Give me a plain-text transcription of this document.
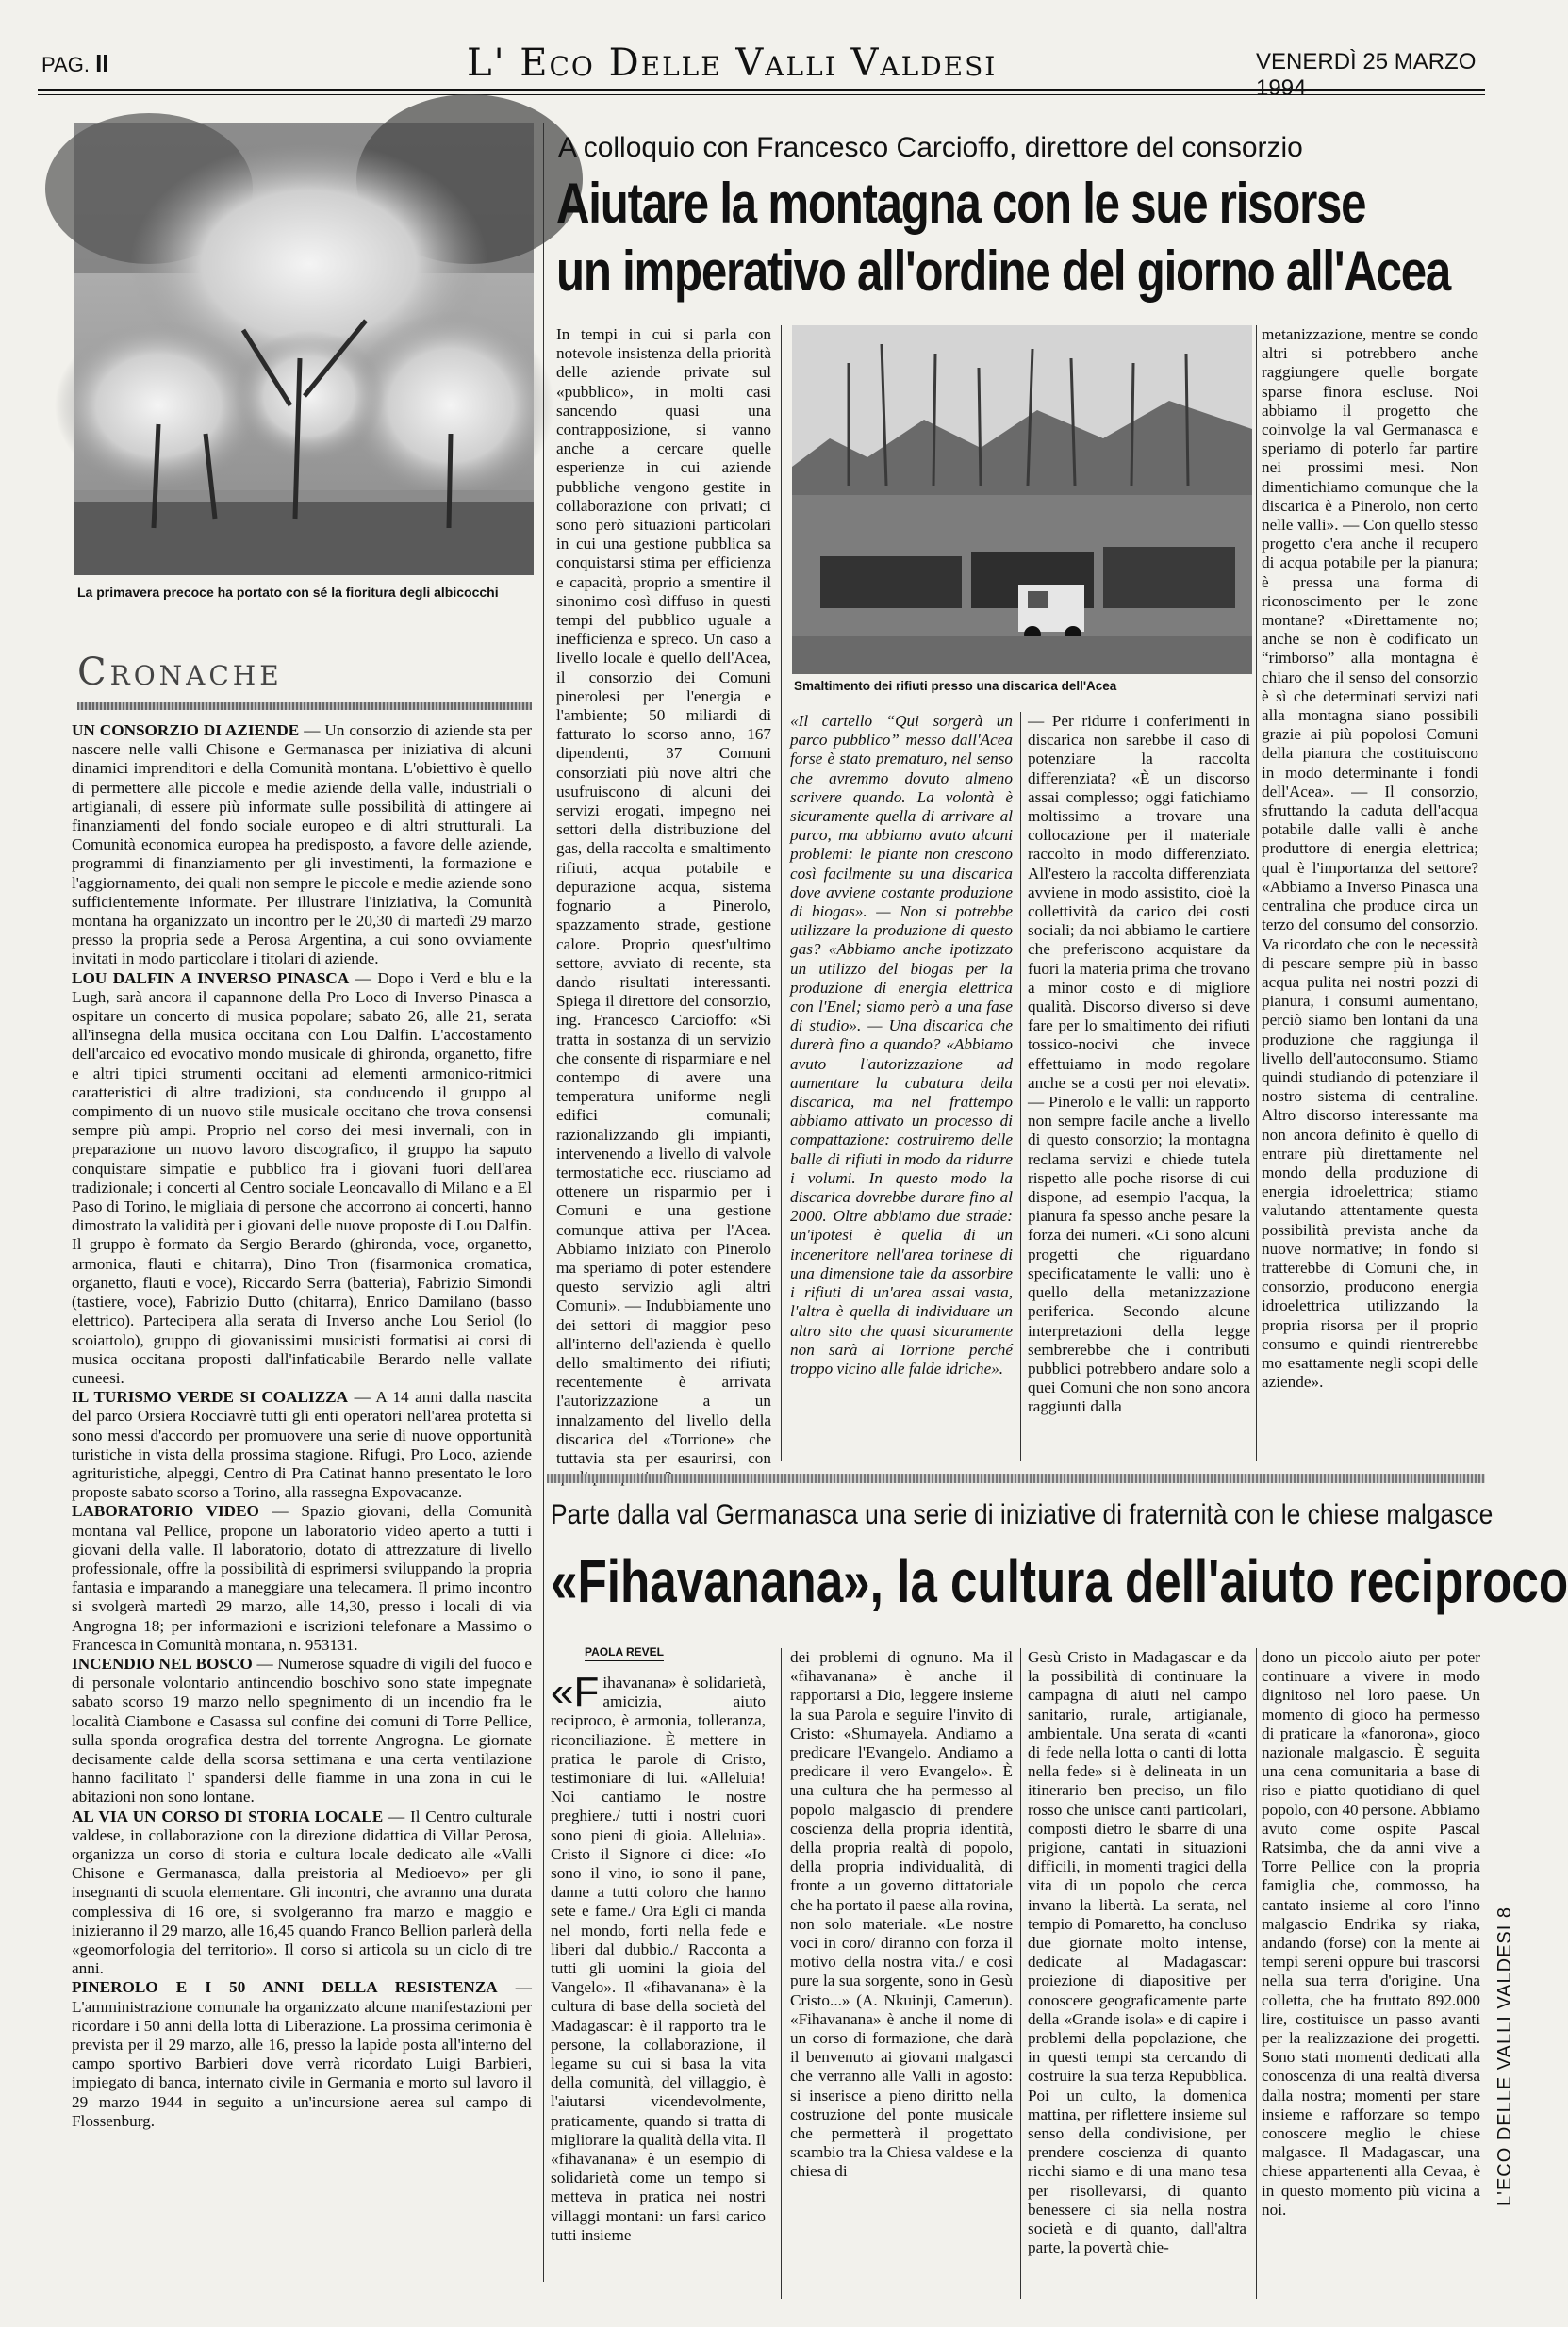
PAG. II	L' Eco Delle Valli Valdesi	VENERDÌ 25 MARZO 1994
La primavera precoce ha portato con sé la fioritura degli albicocchi
Cronache

UN CONSORZIO DI AZIENDE — Un consorzio di aziende sta per nascere nelle valli Chisone e Germanasca per iniziativa di alcuni dinamici imprenditori e della Comunità montana. L'obiettivo è quello di permettere alle piccole e medie aziende della valle, industriali o artigianali, di essere più informate sulle possibilità di attingere ai finanziamenti del fondo sociale europeo e di altri strutturali. La Comunità economica europea ha predisposto, a favore delle aziende, programmi di finanziamento per gli investimenti, la formazione e l'aggiornamento, dei quali non sempre le piccole e medie aziende sono sufficientemente informate. Per illustrare l'iniziativa, la Comunità montana ha organizzato un incontro per le 20,30 di martedì 29 marzo presso la propria sede a Perosa Argentina, a cui sono ovviamente invitati in modo particolare i titolari di aziende.

LOU DALFIN A INVERSO PINASCA — Dopo i Verd e blu e la Lugh, sarà ancora il capannone della Pro Loco di Inverso Pinasca a ospitare un concerto di musica popolare; sabato 26, alle 21, serata all'insegna della musica occitana con Lou Dalfin. L'accostamento dell'arcaico ed evocativo mondo musicale di ghironda, organetto, fifre e altri tipici strumenti occitani ad elementi armonico-ritmici caratteristici di altre tradizioni, sta conducendo il gruppo al compimento di un nuovo stile musicale occitano che trova consensi sempre più ampi. Proprio nel corso dei mesi invernali, con in preparazione un nuovo lavoro discografico, il gruppo ha saputo conquistare simpatie e pubblico fra i giovani fuori dell'area tradizionale; i concerti al Centro sociale Leoncavallo di Milano e a El Paso di Torino, le migliaia di persone che accorrono ai concerti, hanno dimostrato la validità per i giovani delle nuove proposte di Lou Dalfin. Il gruppo è formato da Sergio Berardo (ghironda, voce, organetto, armonica, flauti e chitarra), Dino Tron (fisarmonica cromatica, organetto, flauti e voce), Riccardo Serra (batteria), Fabrizio Simondi (tastiere, voce), Fabrizio Dutto (chitarra), Enrico Damilano (basso elettrico). Partecipera alla serata di Inverso anche Lou Seriol (lo scoiattolo), gruppo di giovanissimi musicisti formatisi ai corsi di musica occitana proposti dall'infaticabile Berardo nelle vallate cuneesi.

IL TURISMO VERDE SI COALIZZA — A 14 anni dalla nascita del parco Orsiera Rocciavrè tutti gli enti operatori nell'area protetta si sono messi d'accordo per promuovere una serie di nuove opportunità turistiche in vista della prossima stagione. Rifugi, Pro Loco, aziende agrituristiche, alpeggi, Centro di Pra Catinat hanno presentato le loro proposte sabato scorso a Torino, alla rassegna Expovacanze.

LABORATORIO VIDEO — Spazio giovani, della Comunità montana val Pellice, propone un laboratorio video aperto a tutti i giovani della valle. Il laboratorio, dotato di attrezzature di livello professionale, offre la possibilità di esprimersi sviluppando la propria fantasia e imparando a maneggiare una telecamera. Il primo incontro si svolgerà martedì 29 marzo, alle 14,30, presso i locali di via Angrogna 18; per informazioni e iscrizioni telefonare a Massimo o Francesca in Comunità montana, n. 953131.

INCENDIO NEL BOSCO — Numerose squadre di vigili del fuoco e di personale volontario antincendio boschivo sono state impegnate sabato scorso 19 marzo nello spegnimento di un incendio fra le località Ciambone e Casassa sul confine dei comuni di Torre Pellice, sulla sponda orografica destra del torrente Angrogna. Le giornate decisamente calde della scorsa settimana e una certa ventilazione hanno facilitato l' spandersi delle fiamme in una zona in cui le abitazioni non sono lontane.

AL VIA UN CORSO DI STORIA LOCALE — Il Centro culturale valdese, in collaborazione con la direzione didattica di Villar Perosa, organizza un corso di storia e cultura locale dedicato alle «Valli Chisone e Germanasca, dalla preistoria al Medioevo» per gli insegnanti di scuola elementare. Gli incontri, che avranno una durata complessiva di 16 ore, si svolgeranno fra marzo e maggio e inizieranno il 29 marzo, alle 16,45 quando Franco Bellion parlerà della «geomorfologia del territorio». Il corso si articola su un ciclo di tre anni.

PINEROLO E I 50 ANNI DELLA RESISTENZA — L'amministrazione comunale ha organizzato alcune manifestazioni per ricordare i 50 anni della lotta di Liberazione. La prossima cerimonia è prevista per il 29 marzo, alle 16, presso la lapide posta all'interno del campo sportivo Barbieri dove verrà ricordato Luigi Barbieri, impiegato di banca, internato civile in Germania e morto sul lavoro il 29 marzo 1944 in seguito a un'incursione aerea sul campo di Flossenburg.

A colloquio con Francesco Carcioffo, direttore del consorzio
Aiutare la montagna con le sue risorse
un imperativo all'ordine del giorno all'Acea
In tempi in cui si parla con notevole insistenza della priorità delle aziende private sul «pubblico», in molti casi sancendo quasi una contrapposizione, si vanno anche a cercare quelle esperienze in cui aziende pubbliche vengono gestite in collaborazione con privati; ci sono però situazioni particolari in cui una gestione pubblica sa conquistarsi stima per efficienza e capacità, proprio a smentire il sinonimo così diffuso in questi tempi del pubblico uguale a inefficienza e spreco. Un caso a livello locale è quello dell'Acea, il consorzio dei Comuni pinerolesi per l'energia e l'ambiente; 50 miliardi di fatturato lo scorso anno, 167 dipendenti, 37 Comuni consorziati più nove altri che usufruiscono di alcuni dei servizi erogati, impegno nei settori della distribuzione del gas, della raccolta e smaltimento rifiuti, acqua potabile e depurazione acqua, sistema fognario a Pinerolo, spazzamento strade, gestione calore. Proprio quest'ultimo settore, avviato di recente, sta dando risultati interessanti. Spiega il direttore del consorzio, ing. Francesco Carcioffo: «Si tratta in sostanza di un servizio che consente di risparmiare e nel contempo di avere una temperatura uniforme negli edifici comunali; razionalizzando gli impianti, intervenendo a livello di valvole termostatiche ecc. riusciamo ad ottenere un risparmio per i Comuni e una gestione comunque attiva per l'Acea. Abbiamo iniziato con Pinerolo ma speriamo di poter estendere questo servizio agli altri Comuni». — Indubbiamente uno dei settori di maggior peso all'interno dell'azienda è quello dello smaltimento dei rifiuti; recentemente è arrivata l'autorizzazione a un innalzamento del livello della discarica del «Torrione» che tuttavia sta per esaurirsi, con
Smaltimento dei rifiuti presso una discarica dell'Acea
«Il cartello “Qui sorgerà un parco pubblico” messo dall'Acea forse è stato prematuro, nel senso che avremmo dovuto almeno scrivere quando. La volontà è sicuramente quella di arrivare al parco, ma abbiamo avuto alcuni problemi: le piante non crescono così facilmente su una discarica dove avviene costante produzione di biogas». — Non si potrebbe utilizzare la produzione di questo gas? «Abbiamo anche ipotizzato un utilizzo del biogas per la produzione di energia elettrica con l'Enel; siamo però a una fase di studio». — Una discarica che durerà fino a quando? «Abbiamo avuto l'autorizzazione ad aumentare la cubatura della discarica, ma nel frattempo abbiamo attivato un processo di compattazione: costruiremo delle balle di rifiuti in modo da ridurre i volumi. In questo modo la discarica dovrebbe durare fino al 2000. Oltre abbiamo due strade: un'ipotesi è quella di un inceneritore nell'area torinese di una dimensione tale da assorbire i rifiuti di un'area assai vasta, l'altra è quella di individuare un altro sito che quasi sicuramente non sarà al Torrione perché troppo vicino alle falde idriche».
— Per ridurre i conferimenti in discarica non sarebbe il caso di potenziare la raccolta differenziata? «È un discorso assai complesso; oggi fatichiamo moltissimo a trovare una collocazione per il materiale raccolto in modo differenziato. All'estero la raccolta differenziata avviene in modo assistito, cioè la collettività da carico dei costi sociali; da noi abbiamo le cartiere che preferiscono acquistare da fuori la materia prima che trovano a minor costo e di migliore qualità. Discorso diverso si deve fare per lo smaltimento dei rifiuti tossico-nocivi che invece effettuiamo in modo regolare anche se a costi per noi elevati». — Pinerolo e le valli: un rapporto non sempre facile anche a livello di questo consorzio; la montagna reclama servizi e chiede tutela rispetto alle poche risorse di cui dispone, ad esempio l'acqua, la pianura fa spesso anche pesare la forza dei numeri. «Ci sono alcuni progetti che riguardano specificatamente le valli: uno è quello della metanizzazione periferica. Secondo alcune interpretazioni della legge sembrerebbe che i contributi pubblici potrebbero andare solo a quei Comuni che non sono ancora raggiunti dalla
metanizzazione, mentre se condo altri si potrebbero anche raggiungere quelle borgate sparse finora escluse. Noi abbiamo il progetto che coinvolge la val Germanasca e speriamo di poterlo far partire nei prossimi mesi. Non dimentichiamo comunque che la discarica è a Pinerolo, non certo nelle valli». — Con quello stesso progetto c'era anche il recupero di acqua potabile per la pianura; è pressa una forma di riconoscimento per le zone montane? «Direttamente no; anche se non è codificato un “rimborso” alla montagna è chiaro che il senso del consorzio è sì che determinati servizi nati alla montagna siano possibili grazie ai più popolosi Comuni della pianura che costituiscono in modo determinante i fondi dell'Acea». — Il consorzio, sfruttando la caduta dell'acqua potabile dalle valli è anche produttore di energia elettrica; qual è l'importanza del settore? «Abbiamo a Inverso Pinasca una centralina che produce circa un terzo del consumo del consorzio. Va ricordato che con le necessità di pescare sempre più in basso acqua pulita nei nostri pozzi di pianura, i consumi aumentano, perciò siamo ben lontani da una produzione che raggiunga il livello dell'autoconsumo. Stiamo quindi studiando di potenziare il nostro sistema di centraline. Altro discorso interessante ma non ancora definito è quello di entrare più direttamente nel mondo della produzione di energia idroelettrica; stiamo valutando attentamente questa possibilità prevista anche da nuove normative; in fondo si tratterebbe di Comuni che, in consorzio, producono energia idroelettrica utilizzando la propria risorsa per il proprio consumo e quindi rientrerebbe mo esattamente negli scopi delle aziende».
Parte dalla val Germanasca una serie di iniziative di fraternità con le chiese malgasce
«Fihavanana», la cultura dell'aiuto reciproco
PAOLA REVEL
«Fihavanana» è solidarietà, amicizia, aiuto reciproco, è armonia, tolleranza, riconciliazione. È mettere in pratica le parole di Cristo, testimoniare di lui. «Alleluia! Noi cantiamo le nostre preghiere./ tutti i nostri cuori sono pieni di gioia. Alleluia». Cristo il Signore ci dice: «Io sono il vino, io sono il pane, danne a tutti coloro che hanno sete e fame./ Ora Egli ci manda nel mondo, forti nella fede e liberi dal dubbio./ Racconta a tutti gli uomini la gioia del Vangelo». Il «fihavanana» è la cultura di base della società del Madagascar: è il rapporto tra le persone, la collaborazione, il legame su cui si basa la vita della comunità, del villaggio, è l'aiutarsi vicendevolmente, praticamente, quando si tratta di migliorare la qualità della vita. Il «fihavanana» è un esempio di solidarietà come un tempo si metteva in pratica nei nostri villaggi montani: un farsi carico tutti insieme
dei problemi di ognuno. Ma il «fihavanana» è anche il rapportarsi a Dio, leggere insieme la sua Parola e seguire l'invito di Cristo: «Shumayela. Andiamo a predicare l'Evangelo. Andiamo a predicare il vero Evangelo». È una cultura che ha permesso al popolo malgascio di prendere coscienza della propria identità, della propria realtà di popolo, della propria individualità, di fronte a un governo dittatoriale che ha portato il paese alla rovina, non solo materiale. «Le nostre voci in coro/ diranno con forza il motivo della nostra vita./ e così pure la sua sorgente, sono in Gesù Cristo...» (A. Nkuinji, Camerun). «Fihavanana» è anche il nome di un corso di formazione, che darà il benvenuto ai giovani malgasci che verranno alle Valli in agosto: si inserisce a pieno diritto nella costruzione del ponte musicale che permetterà il progettato scambio tra la Chiesa valdese e la chiesa di
Gesù Cristo in Madagascar e da la possibilità di continuare la campagna di aiuti nel campo sanitario, rurale, artigianale, ambientale. Una serata di «canti di fede nella lotta o canti di lotta nella fede» si è delineata in un itinerario ben preciso, un filo rosso che unisce canti particolari, composti dietro le sbarre di una prigione, cantati in situazioni difficili, in momenti tragici della vita di un popolo che cerca invano la libertà. La serata, nel tempio di Pomaretto, ha concluso due giornate molto intense, dedicate al Madagascar: proiezione di diapositive per conoscere geograficamente parte della «Grande isola» e di capire i problemi della popolazione, che in questi tempi sta cercando di costruire la sua terza Repubblica. Poi un culto, la domenica mattina, per riflettere insieme sul senso della condivisione, per prendere coscienza di quanto ricchi siamo e di una mano tesa per risollevarsi, di quanto benessere ci sia nella nostra società e di quanto, dall'altra parte, la povertà chie-
dono un piccolo aiuto per poter continuare a vivere in modo dignitoso nel loro paese. Un momento di gioco ha permesso di praticare la «fanorona», gioco nazionale malgascio. È seguita una cena comunitaria a base di riso e piatto quotidiano di quel popolo, con 40 persone. Abbiamo avuto come ospite Pascal Ratsimba, che da anni vive a Torre Pellice con la propria famiglia che, commosso, ha cantato insieme al coro l'inno malgascio Endrika sy riaka, andando (forse) con la mente ai tempi sereni oppure bui trascorsi nella sua terra d'origine. Una colletta, che ha fruttato 892.000 lire, costituisce un passo avanti per la realizzazione dei progetti. Sono stati momenti dedicati alla conoscenza di una realtà diversa dalla nostra; momenti per stare insieme e rafforzare so tempo conoscere meglio le chiese malgasce. Il Madagascar, una chiese appartenenti alla Cevaa, è in questo momento più vicina a noi.
L'ECO DELLE VALLI VALDESI 8
